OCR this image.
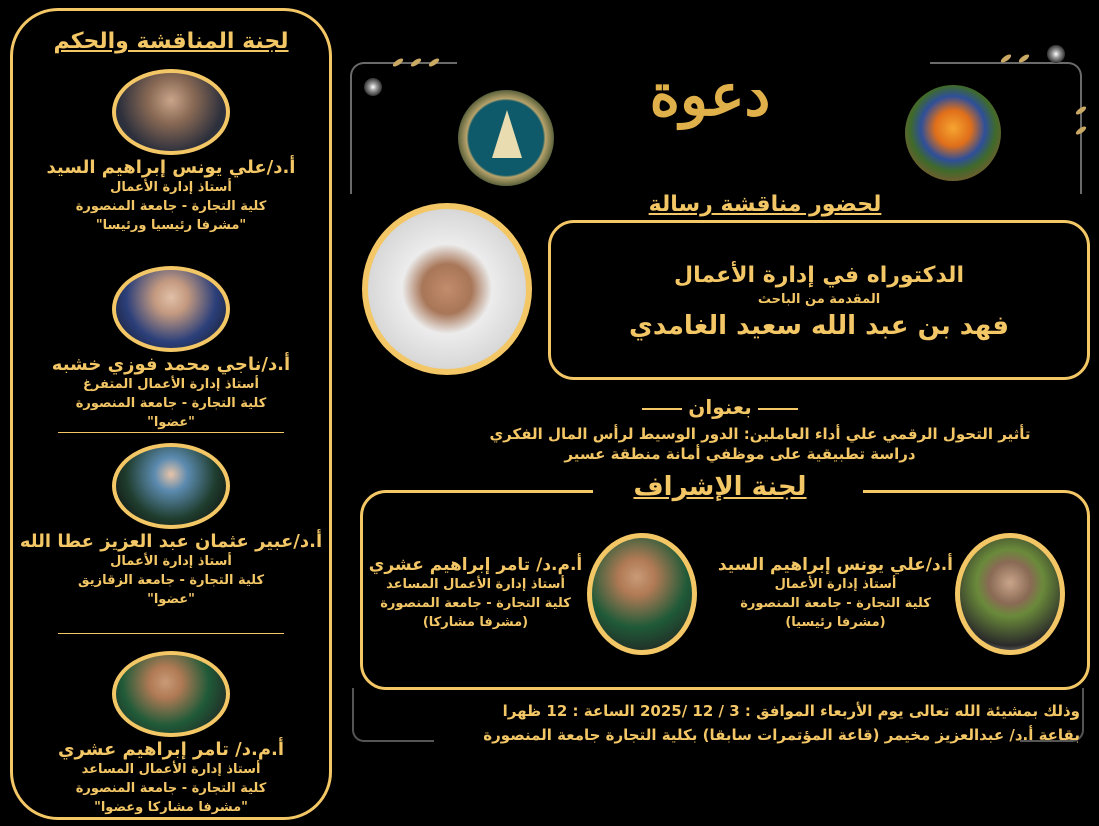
لجنة المناقشة والحكم
أ.د/علي يونس إبراهيم السيد
أستاذ إدارة الأعمال
كلية التجارة - جامعة المنصورة
"مشرفا رئيسيا ورئيسا"
أ.د/ناجي محمد فوزي خشبه
أستاذ إدارة الأعمال المتفرغ
كلية التجارة - جامعة المنصورة
"عضوا"
أ.د/عبير عثمان عبد العزيز عطا الله
أستاذ إدارة الأعمال
كلية التجارة - جامعة الزقازيق
"عضوا"
أ.م.د/ تامر إبراهيم عشري
أستاذ إدارة الأعمال المساعد
كلية التجارة - جامعة المنصورة
"مشرفا مشاركا وعضوا"
دعوة
لحضور مناقشة رسالة
الدكتوراه في إدارة الأعمال
المقدمة من الباحث
فهد بن عبد الله سعيد الغامدي
بعنوان
تأثير التحول الرقمي علي أداء العاملين: الدور الوسيط لرأس المال الفكري
دراسة تطبيقية على موظفي أمانة منطقة عسير
أ.د/علي يونس إبراهيم السيد
أستاذ إدارة الأعمال
كلية التجارة - جامعة المنصورة
(مشرفا رئيسيا)
أ.م.د/ تامر إبراهيم عشري
أستاذ إدارة الأعمال المساعد
كلية التجارة - جامعة المنصورة
(مشرفا مشاركا)
لجنة الإشراف
وذلك بمشيئة الله تعالى يوم الأربعاء الموافق : 3 / 12 /2025 الساعة : 12 ظهرا
بقاعة أ.د/ عبدالعزيز مخيمر (قاعة المؤتمرات سابقا) بكلية التجارة جامعة المنصورة
